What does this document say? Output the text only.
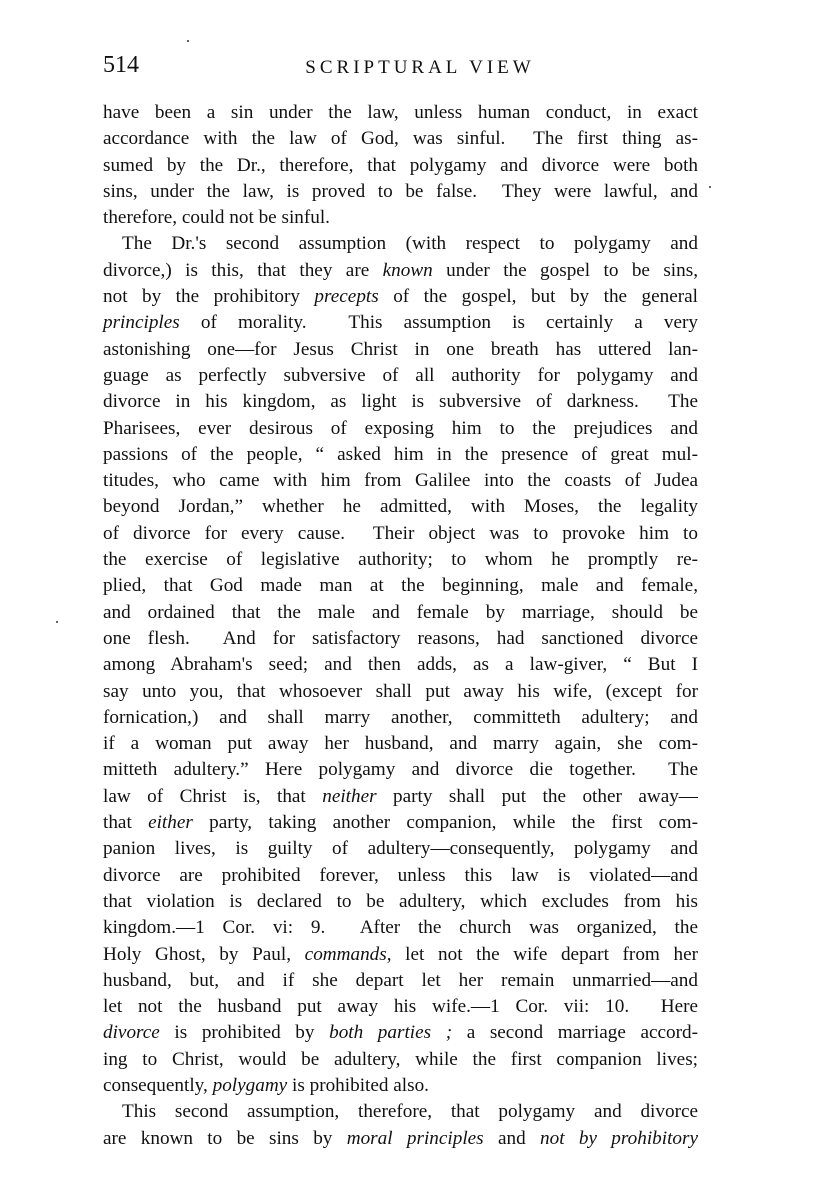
514	SCRIPTURAL VIEW
have been a sin under the law, unless human conduct, in exact
accordance with the law of God, was sinful.  The first thing as-
sumed by the Dr., therefore, that polygamy and divorce were both
sins, under the law, is proved to be false.  They were lawful, and
therefore, could not be sinful.
The Dr.'s second assumption (with respect to polygamy and
divorce,) is this, that they are known under the gospel to be sins,
not by the prohibitory precepts of the gospel, but by the general
principles of morality.  This assumption is certainly a very
astonishing one—for Jesus Christ in one breath has uttered lan-
guage as perfectly subversive of all authority for polygamy and
divorce in his kingdom, as light is subversive of darkness.  The
Pharisees, ever desirous of exposing him to the prejudices and
passions of the people, “ asked him in the presence of great mul-
titudes, who came with him from Galilee into the coasts of Judea
beyond Jordan,” whether he admitted, with Moses, the legality
of divorce for every cause.  Their object was to provoke him to
the exercise of legislative authority; to whom he promptly re-
plied, that God made man at the beginning, male and female,
and ordained that the male and female by marriage, should be
one flesh.  And for satisfactory reasons, had sanctioned divorce
among Abraham's seed; and then adds, as a law-giver, “ But I
say unto you, that whosoever shall put away his wife, (except for
fornication,) and shall marry another, committeth adultery; and
if a woman put away her husband, and marry again, she com-
mitteth adultery.” Here polygamy and divorce die together.  The
law of Christ is, that neither party shall put the other away—
that either party, taking another companion, while the first com-
panion lives, is guilty of adultery—consequently, polygamy and
divorce are prohibited forever, unless this law is violated—and
that violation is declared to be adultery, which excludes from his
kingdom.—1 Cor. vi: 9.  After the church was organized, the
Holy Ghost, by Paul, commands, let not the wife depart from her
husband, but, and if she depart let her remain unmarried—and
let not the husband put away his wife.—1 Cor. vii: 10.  Here
divorce is prohibited by both parties ; a second marriage accord-
ing to Christ, would be adultery, while the first companion lives;
consequently, polygamy is prohibited also.
This second assumption, therefore, that polygamy and divorce
are known to be sins by moral principles and not by prohibitory
